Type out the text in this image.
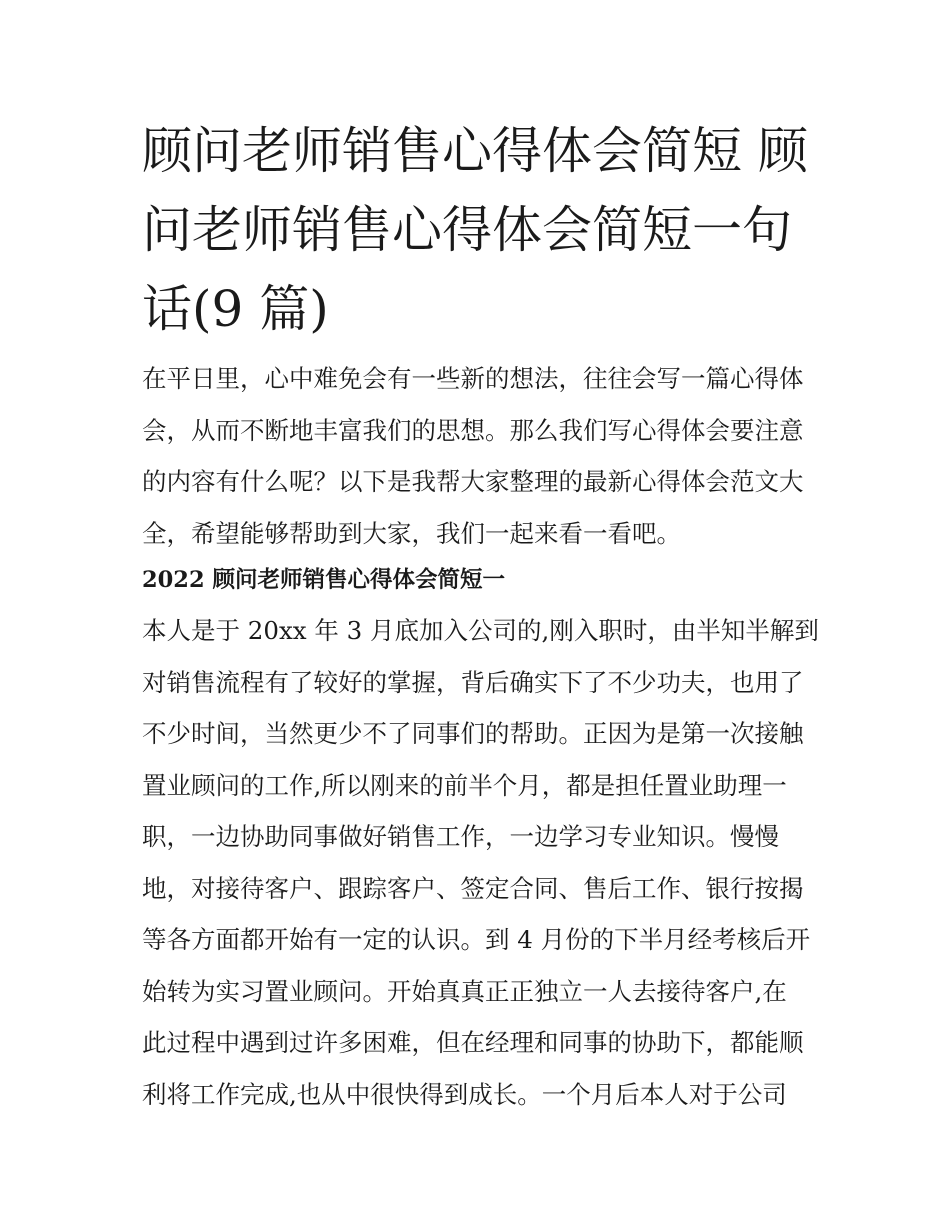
顾问老师销售心得体会简短 顾
问老师销售心得体会简短一句
话(9 篇)

在平日里，心中难免会有一些新的想法，往往会写一篇心得体
会，从而不断地丰富我们的思想。那么我们写心得体会要注意
的内容有什么呢？以下是我帮大家整理的最新心得体会范文大
全，希望能够帮助到大家，我们一起来看一看吧。

2022 顾问老师销售心得体会简短一

本人是于 20xx 年 3 月底加入公司的,刚入职时，由半知半解到
对销售流程有了较好的掌握，背后确实下了不少功夫，也用了
不少时间，当然更少不了同事们的帮助。正因为是第一次接触
置业顾问的工作,所以刚来的前半个月，都是担任置业助理一
职，一边协助同事做好销售工作，一边学习专业知识。慢慢
地，对接待客户、跟踪客户、签定合同、售后工作、银行按揭
等各方面都开始有一定的认识。到 4 月份的下半月经考核后开
始转为实习置业顾问。开始真真正正独立一人去接待客户,在
此过程中遇到过许多困难，但在经理和同事的协助下，都能顺
利将工作完成,也从中很快得到成长。一个月后本人对于公司
